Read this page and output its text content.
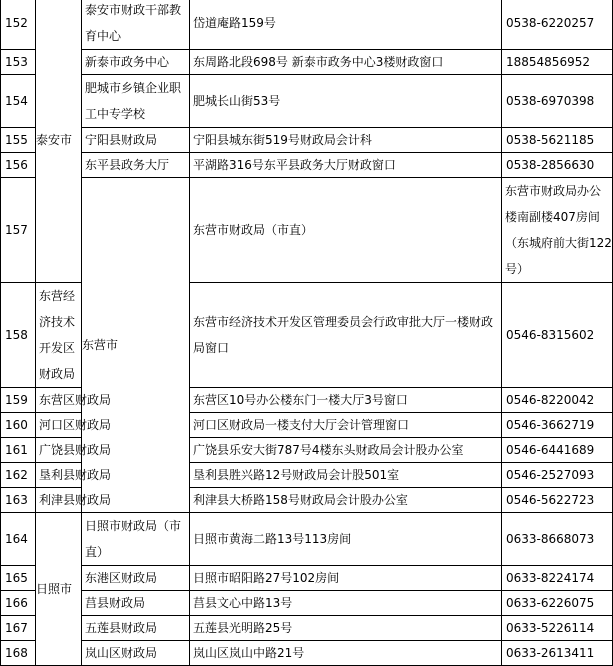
152	泰安市	泰安市财政干部教育中心	岱道庵路159号	0538-6220257	
153		新泰市政务中心	东周路北段698号 新泰市政务中心3楼财政窗口	18854856952	
154		肥城市乡镇企业职工中专学校	肥城长山街53号	0538-6970398	
155		宁阳县财政局	宁阳县城东街519号财政局会计科	0538-5621185	
156		东平县政务大厅	平湖路316号东平县政务大厅财政窗口	0538-2856630	
157		东营市	东营市财政局（市直）	东营市财政局办公楼南副楼407房间（东城府前大街122号）	
158	东营经济技术开发区财政局		东营市经济技术开发区管理委员会行政审批大厅一楼财政局窗口	0546-8315602	
159	东营区财政局		东营区10号办公楼东门一楼大厅3号窗口	0546-8220042	
160	河口区财政局		河口区财政局一楼支付大厅会计管理窗口	0546-3662719	
161	广饶县财政局		广饶县乐安大街787号4楼东头财政局会计股办公室	0546-6441689	
162	垦利县财政局		垦利县胜兴路12号财政局会计股501室	0546-2527093	
163	利津县财政局		利津县大桥路158号财政局会计股办公室	0546-5622723	
164	日照市	日照市财政局（市直）	日照市黄海二路13号113房间	0633-8668073	
165		东港区财政局	日照市昭阳路27号102房间	0633-8224174	
166		莒县财政局	莒县文心中路13号	0633-6226075	
167		五莲县财政局	五莲县光明路25号	0633-5226114	
168		岚山区财政局	岚山区岚山中路21号	0633-2613411	
